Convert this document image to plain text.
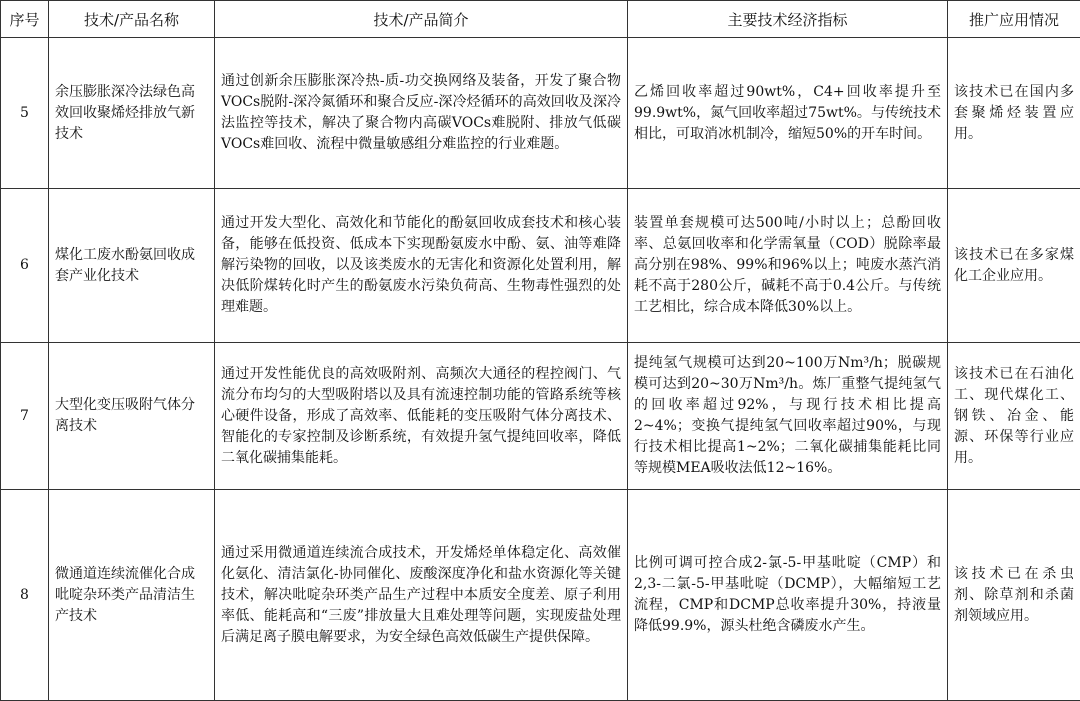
序号	技术/产品名称	技术/产品简介	主要技术经济指标	推广应用情况
5	余压膨胀深冷法绿色高效回收聚烯烃排放气新技术	通过创新余压膨胀深冷热-质-功交换网络及装备，开发了聚合物VOCs脱附-深冷氮循环和聚合反应-深冷烃循环的高效回收及深冷法监控等技术，解决了聚合物内高碳VOCs难脱附、排放气低碳VOCs难回收、流程中微量敏感组分难监控的行业难题。	乙烯回收率超过90wt%，C4+回收率提升至99.9wt%，氮气回收率超过75wt%。与传统技术相比，可取消冰机制冷，缩短50%的开车时间。	该技术已在国内多套聚烯烃装置应用。
6	煤化工废水酚氨回收成套产业化技术	通过开发大型化、高效化和节能化的酚氨回收成套技术和核心装备，能够在低投资、低成本下实现酚氨废水中酚、氨、油等难降解污染物的回收，以及该类废水的无害化和资源化处置利用，解决低阶煤转化时产生的酚氨废水污染负荷高、生物毒性强烈的处理难题。	装置单套规模可达500吨/小时以上；总酚回收率、总氨回收率和化学需氧量（COD）脱除率最高分别在98%、99%和96%以上；吨废水蒸汽消耗不高于280公斤，碱耗不高于0.4公斤。与传统工艺相比，综合成本降低30%以上。	该技术已在多家煤化工企业应用。
7	大型化变压吸附气体分离技术	通过开发性能优良的高效吸附剂、高频次大通径的程控阀门、气流分布均匀的大型吸附塔以及具有流速控制功能的管路系统等核心硬件设备，形成了高效率、低能耗的变压吸附气体分离技术、智能化的专家控制及诊断系统，有效提升氢气提纯回收率，降低二氧化碳捕集能耗。	提纯氢气规模可达到20~100万Nm³/h；脱碳规模可达到20~30万Nm³/h。炼厂重整气提纯氢气的回收率超过92%，与现行技术相比提高2~4%；变换气提纯氢气回收率超过90%，与现行技术相比提高1~2%；二氧化碳捕集能耗比同等规模MEA吸收法低12~16%。	该技术已在石油化工、现代煤化工、钢铁、冶金、能源、环保等行业应用。
8	微通道连续流催化合成吡啶杂环类产品清洁生产技术	通过采用微通道连续流合成技术，开发烯烃单体稳定化、高效催化氨化、清洁氯化-协同催化、废酸深度净化和盐水资源化等关键技术，解决吡啶杂环类产品生产过程中本质安全度差、原子利用率低、能耗高和“三废”排放量大且难处理等问题，实现废盐处理后满足离子膜电解要求，为安全绿色高效低碳生产提供保障。	比例可调可控合成2-氯-5-甲基吡啶（CMP）和2,3-二氯-5-甲基吡啶（DCMP），大幅缩短工艺流程，CMP和DCMP总收率提升30%，持液量降低99.9%，源头杜绝含磷废水产生。	该技术已在杀虫剂、除草剂和杀菌剂领域应用。
